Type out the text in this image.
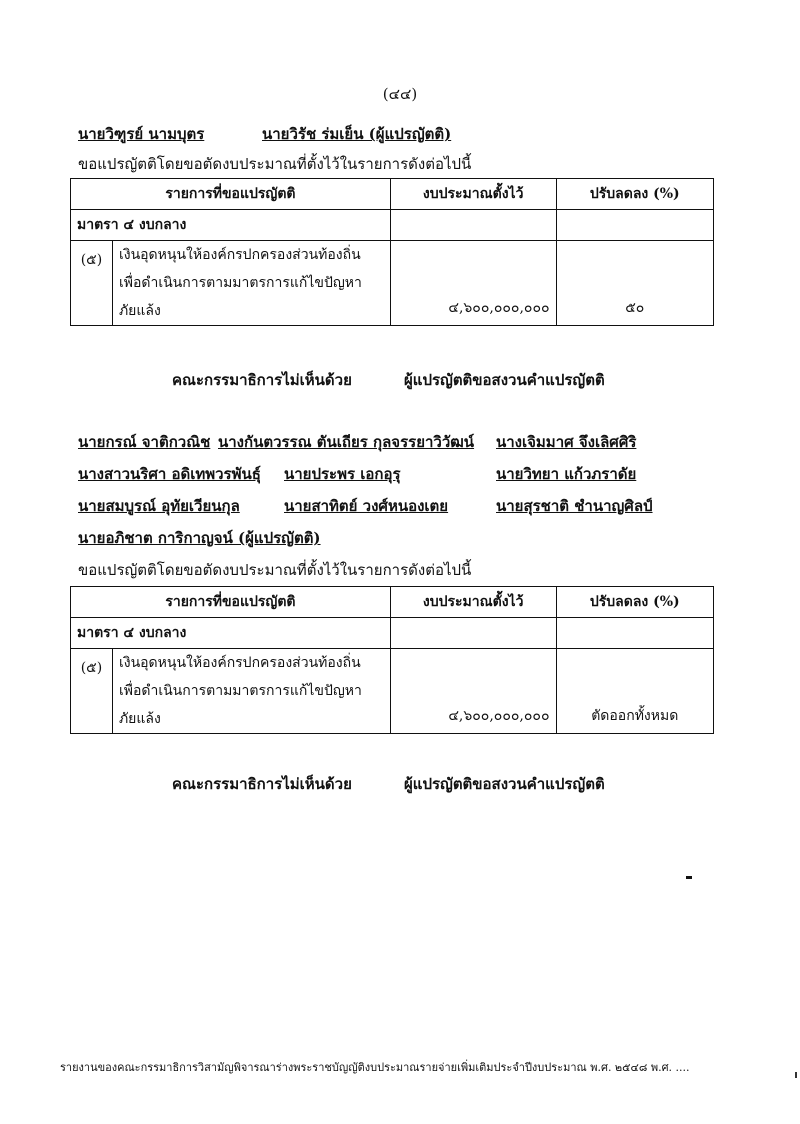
(๔๔)
นายวิฑูรย์ นามบุตร	นายวิรัช ร่มเย็น (ผู้แปรญัตติ)
ขอแปรญัตติโดยขอตัดงบประมาณที่ตั้งไว้ในรายการดังต่อไปนี้
รายการที่ขอแปรญัตติ		งบประมาณตั้งไว้	ปรับลดลง (%)
มาตรา ๔ งบกลาง			
(๕)	เงินอุดหนุนให้องค์กรปกครองส่วนท้องถิ่น
เพื่อดำเนินการตามมาตรการแก้ไขปัญหา
ภัยแล้ง	๔,๖๐๐,๐๐๐,๐๐๐	๕๐
คณะกรรมาธิการไม่เห็นด้วย	ผู้แปรญัตติขอสงวนคำแปรญัตติ
นายกรณ์ จาติกวณิช นางกันตวรรณ ตันเถียร กุลจรรยาวิวัฒน์ นางเจิมมาศ จึงเลิศศิริ
นางสาวนริศา อดิเทพวรพันธุ์ นายประพร เอกอุรุ	นายวิทยา แก้วภราดัย
นายสมบูรณ์ อุทัยเวียนกุล	นายสาทิตย์ วงศ์หนองเตย	นายสุรชาติ ชำนาญศิลป์
นายอภิชาต การิกาญจน์ (ผู้แปรญัตติ)
ขอแปรญัตติโดยขอตัดงบประมาณที่ตั้งไว้ในรายการดังต่อไปนี้
รายการที่ขอแปรญัตติ		งบประมาณตั้งไว้	ปรับลดลง (%)
มาตรา ๔ งบกลาง			
(๕)	เงินอุดหนุนให้องค์กรปกครองส่วนท้องถิ่น
เพื่อดำเนินการตามมาตรการแก้ไขปัญหา
ภัยแล้ง	๔,๖๐๐,๐๐๐,๐๐๐	ตัดออกทั้งหมด
คณะกรรมาธิการไม่เห็นด้วย	ผู้แปรญัตติขอสงวนคำแปรญัตติ
รายงานของคณะกรรมาธิการวิสามัญพิจารณาร่างพระราชบัญญัติงบประมาณรายจ่ายเพิ่มเติมประจำปีงบประมาณ พ.ศ. ๒๕๔๘ พ.ศ. ....
